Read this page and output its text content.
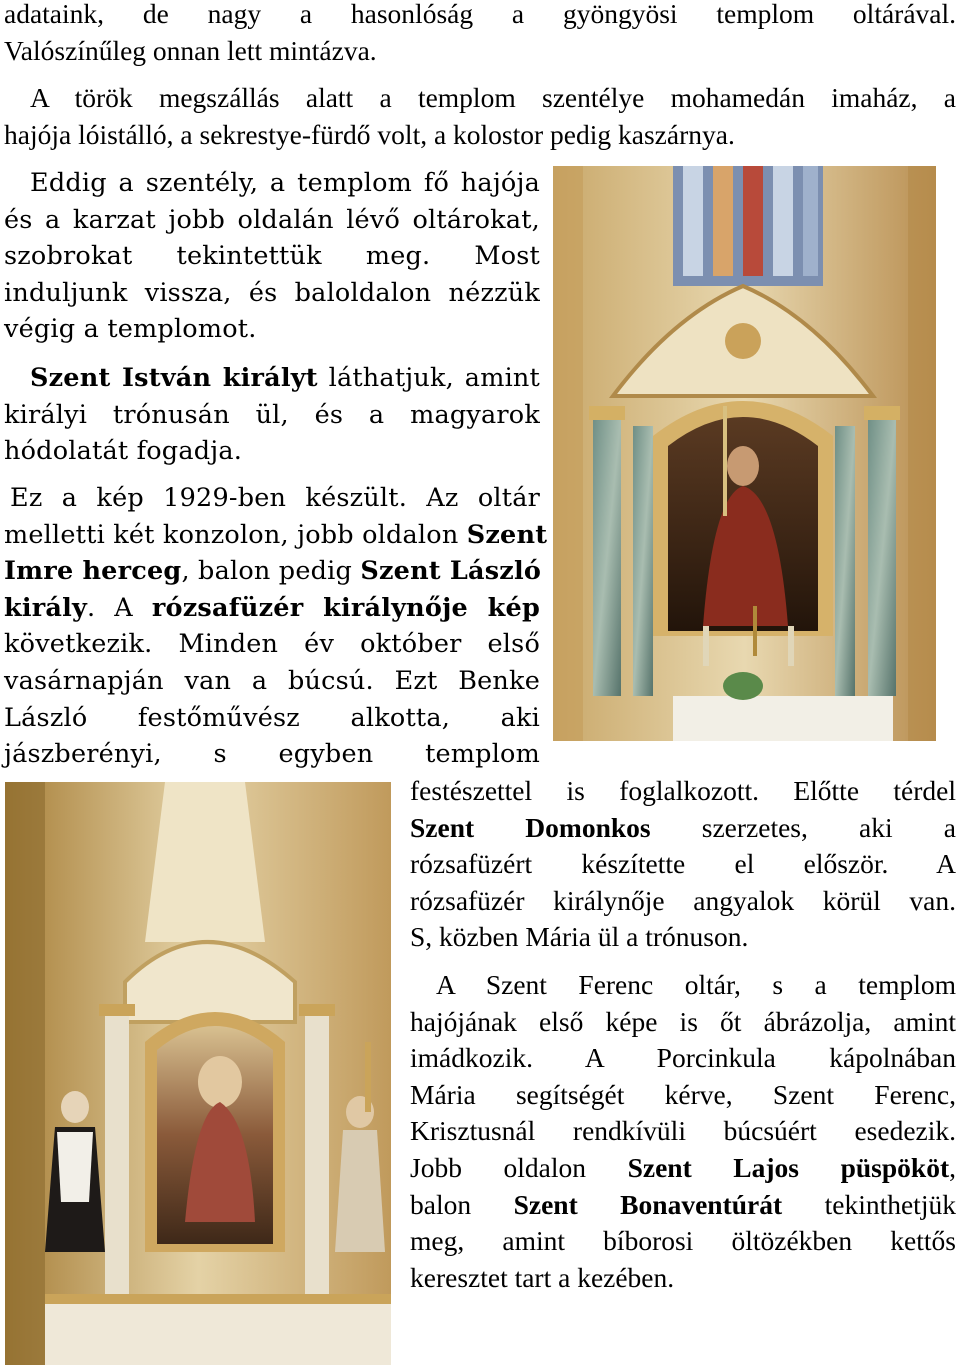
adataink, de nagy a hasonlóság a gyöngyösi templom oltárával.
Valószínűleg onnan lett mintázva.
A török megszállás alatt a templom szentélye mohamedán imaház, a
hajója lóistálló, a sekrestye-fürdő volt, a kolostor pedig kaszárnya.
Eddig a szentély, a templom fő hajója
és a karzat jobb oldalán lévő oltárokat,
szobrokat tekintettük meg. Most
induljunk vissza, és baloldalon nézzük
végig a templomot.
Szent István királyt láthatjuk, amint
királyi trónusán ül, és a magyarok
hódolatát fogadja.
Ez a kép 1929-ben készült. Az oltár
melletti két konzolon, jobb oldalon Szent
Imre herceg, balon pedig Szent László
király. A rózsafüzér királynője kép
következik. Minden év október első
vasárnapján van a búcsú. Ezt Benke
László festőművész alkotta, aki
jászberényi, s egyben templom
festészettel is foglalkozott. Előtte térdel
Szent Domonkos szerzetes, aki a
rózsafüzért készítette el először. A
rózsafüzér királynője angyalok körül van.
S, közben Mária ül a trónuson.
A Szent Ferenc oltár, s a templom
hajójának első képe is őt ábrázolja, amint
imádkozik. A Porcinkula kápolnában
Mária segítségét kérve, Szent Ferenc,
Krisztusnál rendkívüli búcsúért esedezik.
Jobb oldalon Szent Lajos püspököt,
balon Szent Bonaventúrát tekinthetjük
meg, amint bíborosi öltözékben kettős
keresztet tart a kezében.
